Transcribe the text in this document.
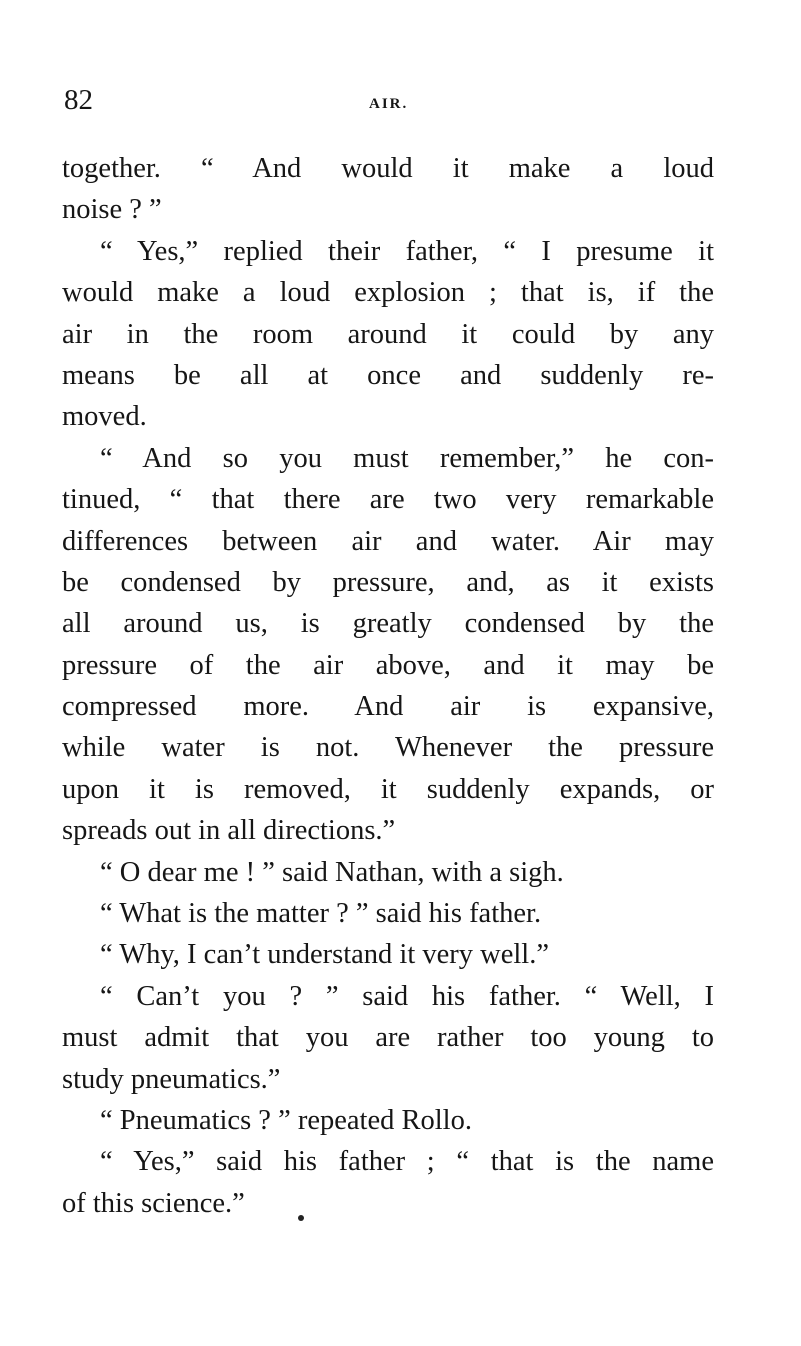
82	AIR.
together. “ And would it make a loud
noise ? ”
“ Yes,” replied their father, “ I presume it
would make a loud explosion ; that is, if the
air in the room around it could by any
means be all at once and suddenly re-
moved.
“ And so you must remember,” he con-
tinued, “ that there are two very remarkable
differences between air and water. Air may
be condensed by pressure, and, as it exists
all around us, is greatly condensed by the
pressure of the air above, and it may be
compressed more. And air is expansive,
while water is not. Whenever the pressure
upon it is removed, it suddenly expands, or
spreads out in all directions.”
“ O dear me ! ” said Nathan, with a sigh.
“ What is the matter ? ” said his father.
“ Why, I can’t understand it very well.”
“ Can’t you ? ” said his father. “ Well, I
must admit that you are rather too young to
study pneumatics.”
“ Pneumatics ? ” repeated Rollo.
“ Yes,” said his father ; “ that is the name
of this science.”
